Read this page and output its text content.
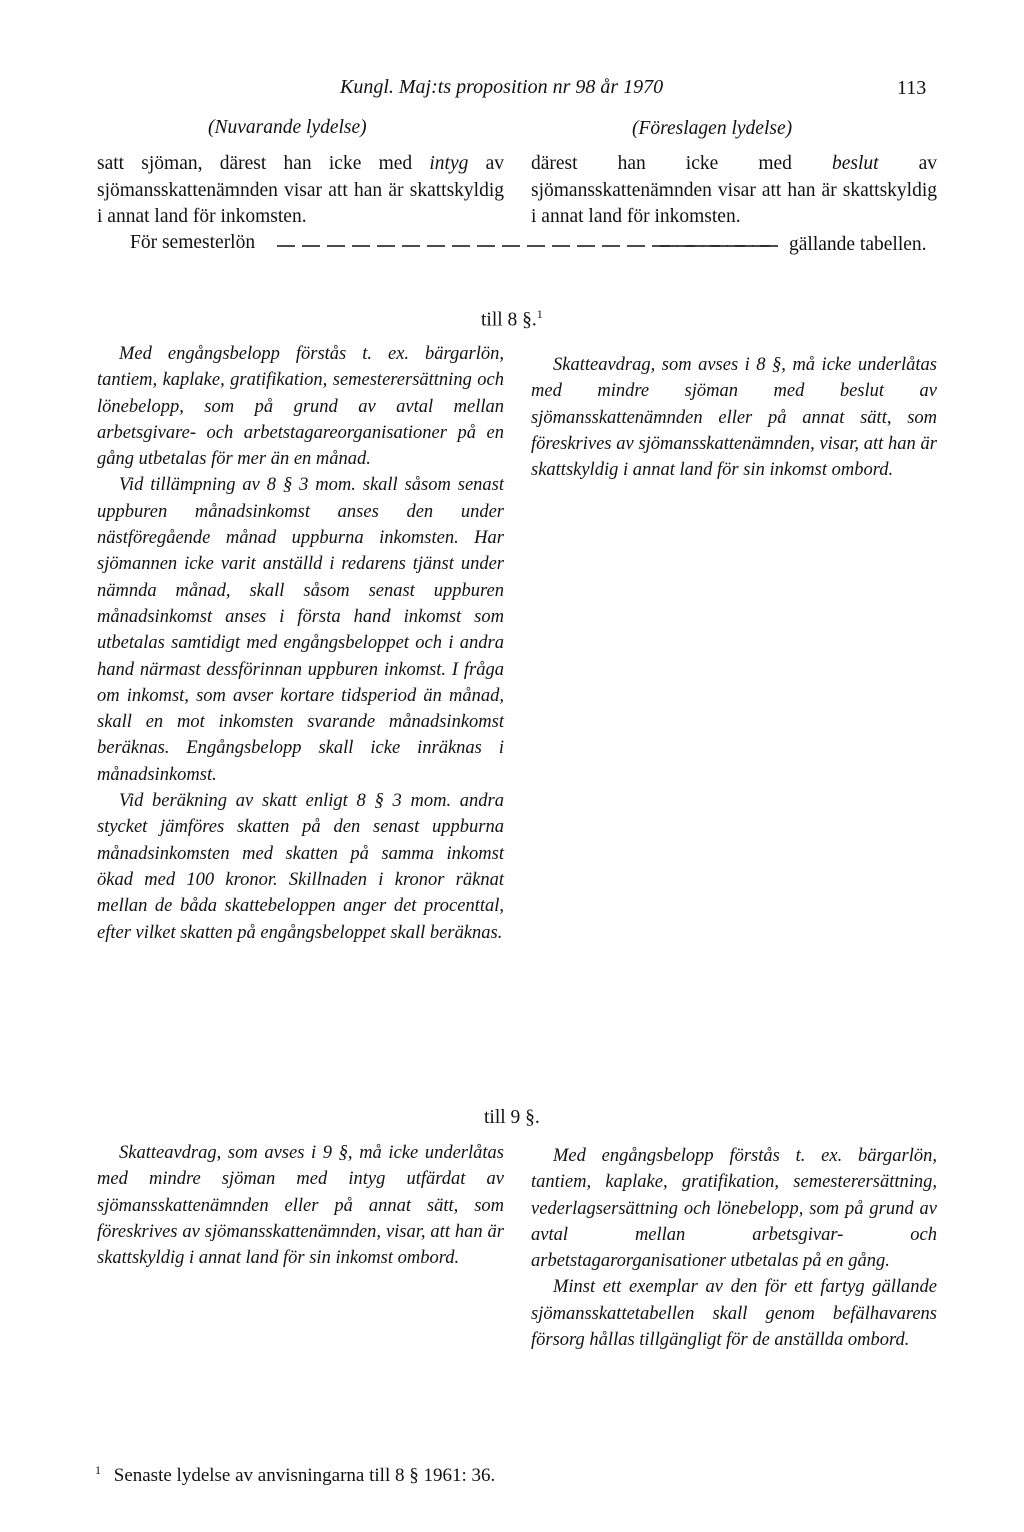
Kungl. Maj:ts proposition nr 98 år 1970	113
(Nuvarande lydelse)	(Föreslagen lydelse)

satt sjöman, därest han icke med intyg av sjömansskattenämnden visar att han är skattskyldig i annat land för inkomsten.

därest han icke med beslut av sjömansskattenämnden visar att han är skattskyldig i annat land för inkomsten.

För semesterlön	gällande tabellen.
till 8 §.$^1$

Med engångsbelopp förstås t. ex. bärgarlön, tantiem, kaplake, gratifikation, semesterersättning och lönebelopp, som på grund av avtal mellan arbetsgivare- och arbetstagareorganisationer på en gång utbetalas för mer än en månad.

Vid tillämpning av 8 § 3 mom. skall såsom senast uppburen månadsinkomst anses den under nästföregående månad uppburna inkomsten. Har sjömannen icke varit anställd i redarens tjänst under nämnda månad, skall såsom senast uppburen månadsinkomst anses i första hand inkomst som utbetalas samtidigt med engångsbeloppet och i andra hand närmast dessförinnan uppburen inkomst. I fråga om inkomst, som avser kortare tidsperiod än månad, skall en mot inkomsten svarande månadsinkomst beräknas. Engångsbelopp skall icke inräknas i månadsinkomst.

Vid beräkning av skatt enligt 8 § 3 mom. andra stycket jämföres skatten på den senast uppburna månadsinkomsten med skatten på samma inkomst ökad med 100 kronor. Skillnaden i kronor räknat mellan de båda skattebeloppen anger det procenttal, efter vilket skatten på engångsbeloppet skall beräknas.

Skatteavdrag, som avses i 8 §, må icke underlåtas med mindre sjöman med beslut av sjömansskattenämnden eller på annat sätt, som föreskrives av sjömansskattenämnden, visar, att han är skattskyldig i annat land för sin inkomst ombord.

till 9 §.

Skatteavdrag, som avses i 9 §, må icke underlåtas med mindre sjöman med intyg utfärdat av sjömansskattenämnden eller på annat sätt, som föreskrives av sjömansskattenämnden, visar, att han är skattskyldig i annat land för sin inkomst ombord.

Med engångsbelopp förstås t. ex. bärgarlön, tantiem, kaplake, gratifikation, semesterersättning, vederlagsersättning och lönebelopp, som på grund av avtal mellan arbetsgivar- och arbetstagarorganisationer utbetalas på en gång.

Minst ett exemplar av den för ett fartyg gällande sjömansskattetabellen skall genom befälhavarens försorg hållas tillgängligt för de anställda ombord.

$^1$ Senaste lydelse av anvisningarna till 8 § 1961: 36.
